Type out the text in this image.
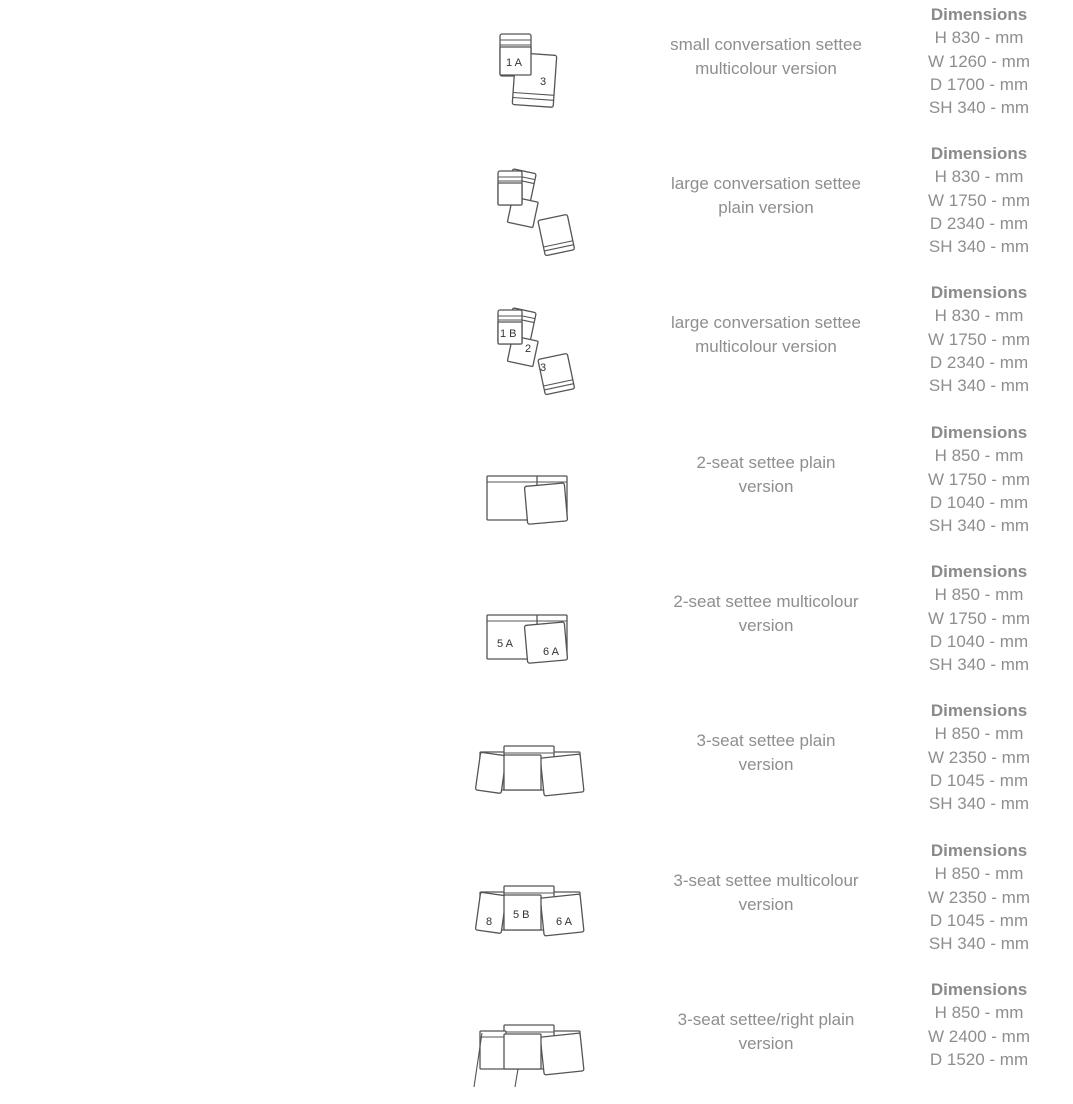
1 A
3
small conversation settee
multicolour version
Dimensions
H 830 - mm
W 1260 - mm
D 1700 - mm
SH 340 - mm
large conversation settee
plain version
Dimensions
H 830 - mm
W 1750 - mm
D 2340 - mm
SH 340 - mm
1 B
2
3
large conversation settee
multicolour version
Dimensions
H 830 - mm
W 1750 - mm
D 2340 - mm
SH 340 - mm
2-seat settee plain
version
Dimensions
H 850 - mm
W 1750 - mm
D 1040 - mm
SH 340 - mm
5 A
6 A
2-seat settee multicolour
version
Dimensions
H 850 - mm
W 1750 - mm
D 1040 - mm
SH 340 - mm
3-seat settee plain
version
Dimensions
H 850 - mm
W 2350 - mm
D 1045 - mm
SH 340 - mm
8
5 B
6 A
3-seat settee multicolour
version
Dimensions
H 850 - mm
W 2350 - mm
D 1045 - mm
SH 340 - mm
3-seat settee/right plain
version
Dimensions
H 850 - mm
W 2400 - mm
D 1520 - mm
